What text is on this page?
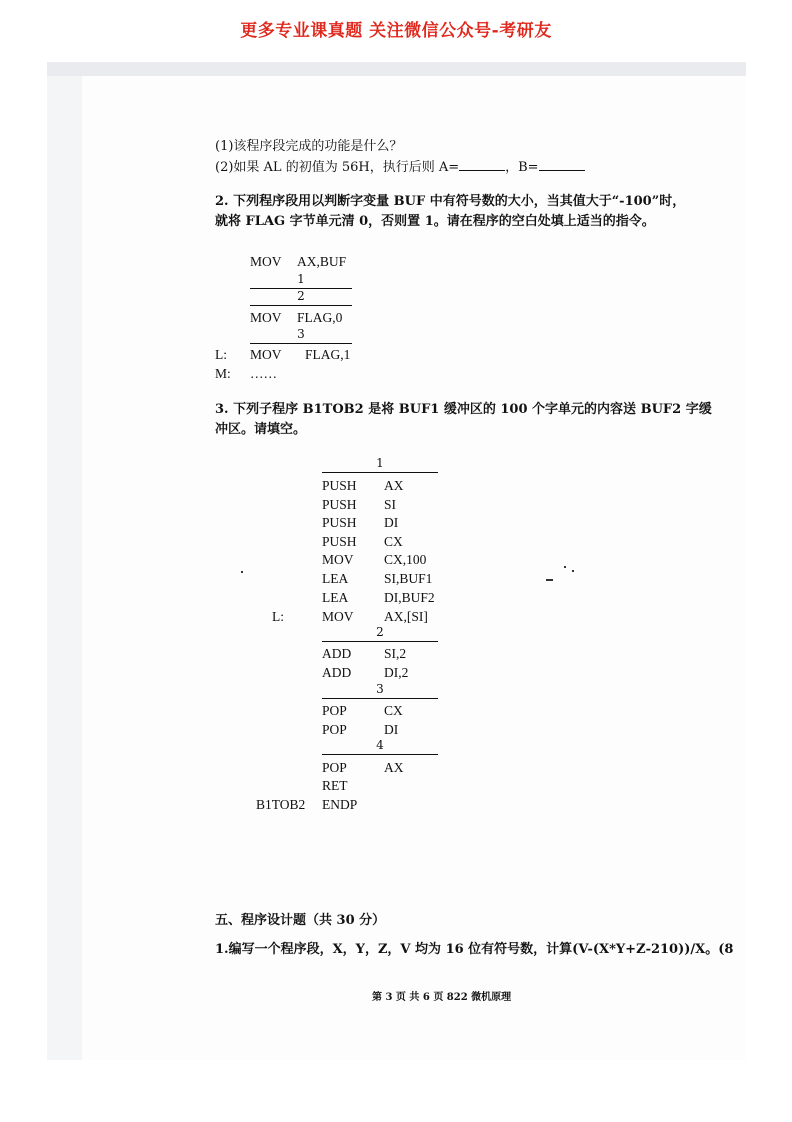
更多专业课真题 关注微信公众号-考研友
(1)该程序段完成的功能是什么？
(2)如果 AL 的初值为 56H，执行后则 A=	，B=
2. 下列程序段用以判断字变量 BUF 中有符号数的大小，当其值大于“-100”时，
就将 FLAG 字节单元清 0，否则置 1。请在程序的空白处填上适当的指令。
MOV AX,BUF
1
2
MOV FLAG,0
3
L: MOV FLAG,1
M: ……
3. 下列子程序 B1TOB2 是将 BUF1 缓冲区的 100 个字单元的内容送 BUF2 字缓
冲区。请填空。
1
PUSH AX
PUSH SI
PUSH DI
PUSH CX
MOV CX,100
LEA	SI,BUF1
LEA	DI,BUF2
L:	MOV AX,[SI]
2
ADD SI,2
ADD DI,2
3
POP	CX
POP	DI
4
POP	AX
RET
B1TOB2 ENDP
五、程序设计题（共 30 分）
1.编写一个程序段，X，Y，Z，V 均为 16 位有符号数，计算(V-(X*Y+Z-210))/X。(8
第 3 页 共 6 页 822 微机原理
